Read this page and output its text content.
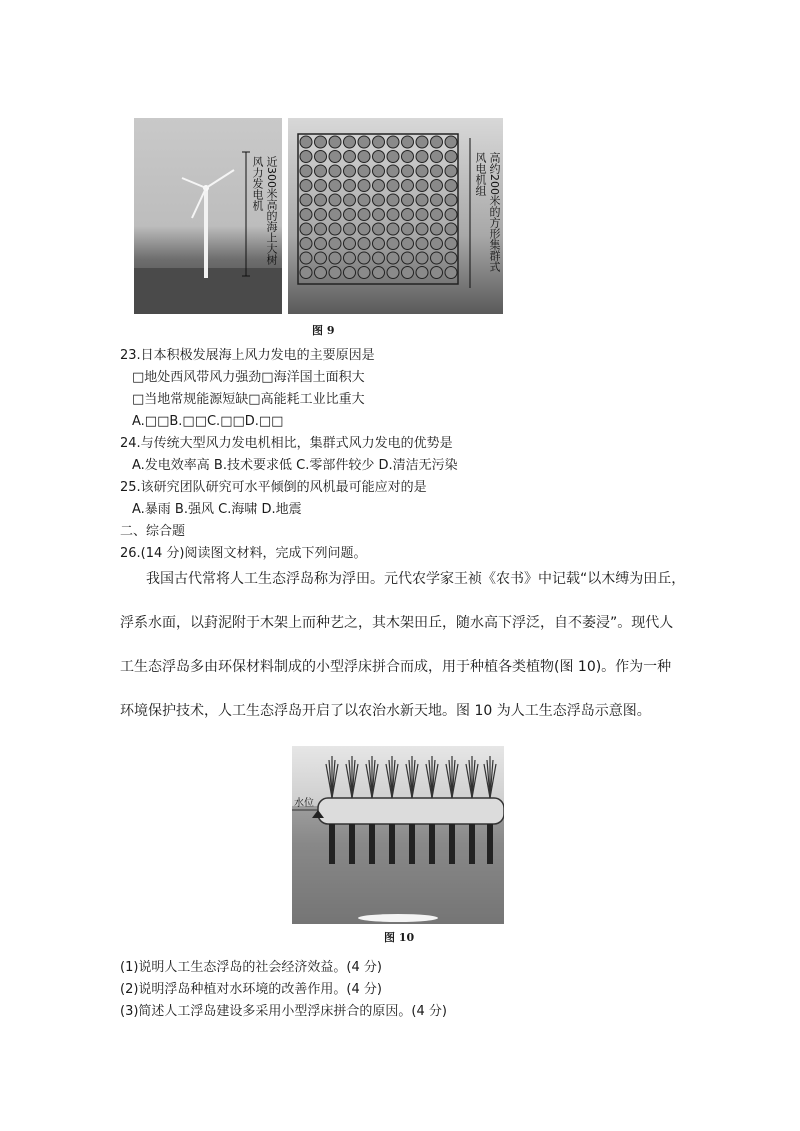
风力发电机 近300米高的海上大树	风电机组 高约200米的方形集群式
图 9
23.日本积极发展海上风力发电的主要原因是
□地处西风带风力强劲□海洋国土面积大
□当地常规能源短缺□高能耗工业比重大
A.□□B.□□C.□□D.□□
24.与传统大型风力发电机相比，集群式风力发电的优势是
A.发电效率高 B.技术要求低 C.零部件较少 D.清洁无污染
25.该研究团队研究可水平倾倒的风机最可能应对的是
A.暴雨 B.强风 C.海啸 D.地震
二、综合题
26.(14 分)阅读图文材料，完成下列问题。
我国古代常将人工生态浮岛称为浮田。元代农学家王祯《农书》中记载“以木缚为田丘，
浮系水面，以葑泥附于木架上而种艺之，其木架田丘，随水高下浮泛，自不萎浸”。现代人
工生态浮岛多由环保材料制成的小型浮床拼合而成，用于种植各类植物(图 10)。作为一种
环境保护技术，人工生态浮岛开启了以农治水新天地。图 10 为人工生态浮岛示意图。
水位
图 10
(1)说明人工生态浮岛的社会经济效益。(4 分)
(2)说明浮岛种植对水环境的改善作用。(4 分)
(3)简述人工浮岛建设多采用小型浮床拼合的原因。(4 分)
